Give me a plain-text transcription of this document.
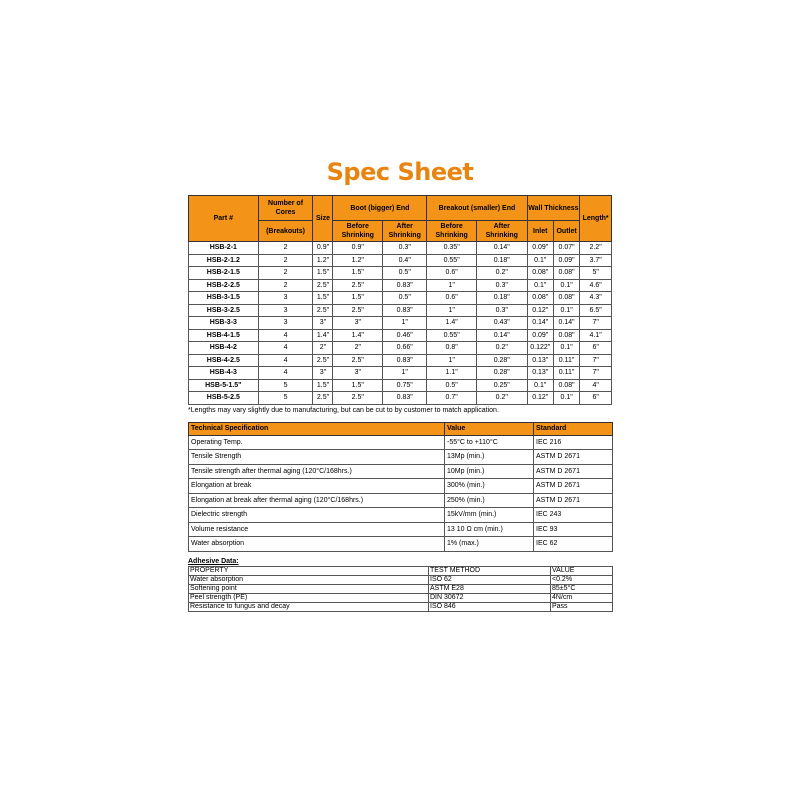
Spec Sheet
Part #	Number of Cores	Size	Boot (bigger) End		Breakout (smaller) End		Wall Thickness		Length*
	(Breakouts)		Before Shrinking	After Shrinking	Before Shrinking	After Shrinking	Inlet	Outlet	
HSB-2-1	2	0.9"	0.9"	0.3"	0.35"	0.14"	0.09"	0.07"	2.2"
HSB-2-1.2	2	1.2"	1.2"	0.4"	0.55"	0.18"	0.1"	0.09"	3.7"
HSB-2-1.5	2	1.5"	1.5"	0.5"	0.6"	0.2"	0.08"	0.08"	5"
HSB-2-2.5	2	2.5"	2.5"	0.83"	1"	0.3"	0.1"	0.1"	4.6"
HSB-3-1.5	3	1.5"	1.5"	0.5"	0.6"	0.18"	0.08"	0.08"	4.3"
HSB-3-2.5	3	2.5"	2.5"	0.83"	1"	0.3"	0.12"	0.1"	6.5"
HSB-3-3	3	3"	3"	1"	1.4"	0.43"	0.14"	0.14"	7"
HSB-4-1.5	4	1.4"	1.4"	0.46"	0.55"	0.14"	0.09"	0.08"	4.1"
HSB-4-2	4	2"	2"	0.66"	0.8"	0.2"	0.122"	0.1"	6"
HSB-4-2.5	4	2.5"	2.5"	0.83"	1"	0.28"	0.13"	0.11"	7"
HSB-4-3	4	3"	3"	1"	1.1"	0.28"	0.13"	0.11"	7"
HSB-5-1.5"	5	1.5"	1.5"	0.75"	0.5"	0.25"	0.1"	0.08"	4"
HSB-5-2.5	5	2.5"	2.5"	0.83"	0.7"	0.2"	0.12"	0.1"	6"
*Lengths may vary slightly due to manufacturing, but can be cut to by customer to match application.
Technical Specification	Value	Standard
Operating Temp.	-55°C to +110°C	IEC 216
Tensile Strength	13Mp (min.)	ASTM D 2671
Tensile strength after thermal aging (120°C/168hrs.)	10Mp (min.)	ASTM D 2671
Elongation at break	300% (min.)	ASTM D 2671
Elongation at break after thermal aging (120°C/168hrs.)	250% (min.)	ASTM D 2671
Dielectric strength	15kV/mm (min.)	IEC 243
Volume resistance	13 10 Ω cm (min.)	IEC 93
Water absorption	1% (max.)	IEC 62
Adhesive Data:
PROPERTY	TEST METHOD	VALUE
Water absorption	ISO 62	<0.2%
Softening point	ASTM E28	85±5°C
Peel strength (PE)	DIN 30672	4N/cm
Resistance to fungus and decay	ISO 846	Pass
